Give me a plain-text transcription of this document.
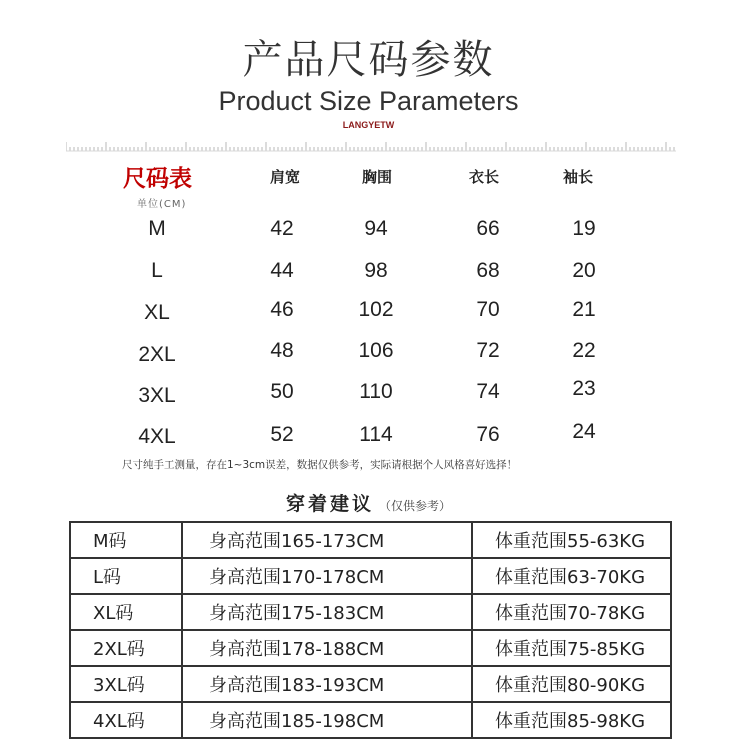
产品尺码参数
Product Size Parameters
LANGYETW
尺码表
单位(CM)
肩宽	胸围	衣长	袖长
M	42	94	66	19
L	44	98	68	20
XL	46	102	70	21
2XL	48	106	72	22
3XL	50	110	74	23
4XL	52	114	76	24
尺寸纯手工测量，存在1~3cm误差，数据仅供参考，实际请根据个人风格喜好选择！
穿着建议 （仅供参考）
M码	身高范围165-173CM	体重范围55-63KG
L码	身高范围170-178CM	体重范围63-70KG
XL码	身高范围175-183CM	体重范围70-78KG
2XL码	身高范围178-188CM	体重范围75-85KG
3XL码	身高范围183-193CM	体重范围80-90KG
4XL码	身高范围185-198CM	体重范围85-98KG
